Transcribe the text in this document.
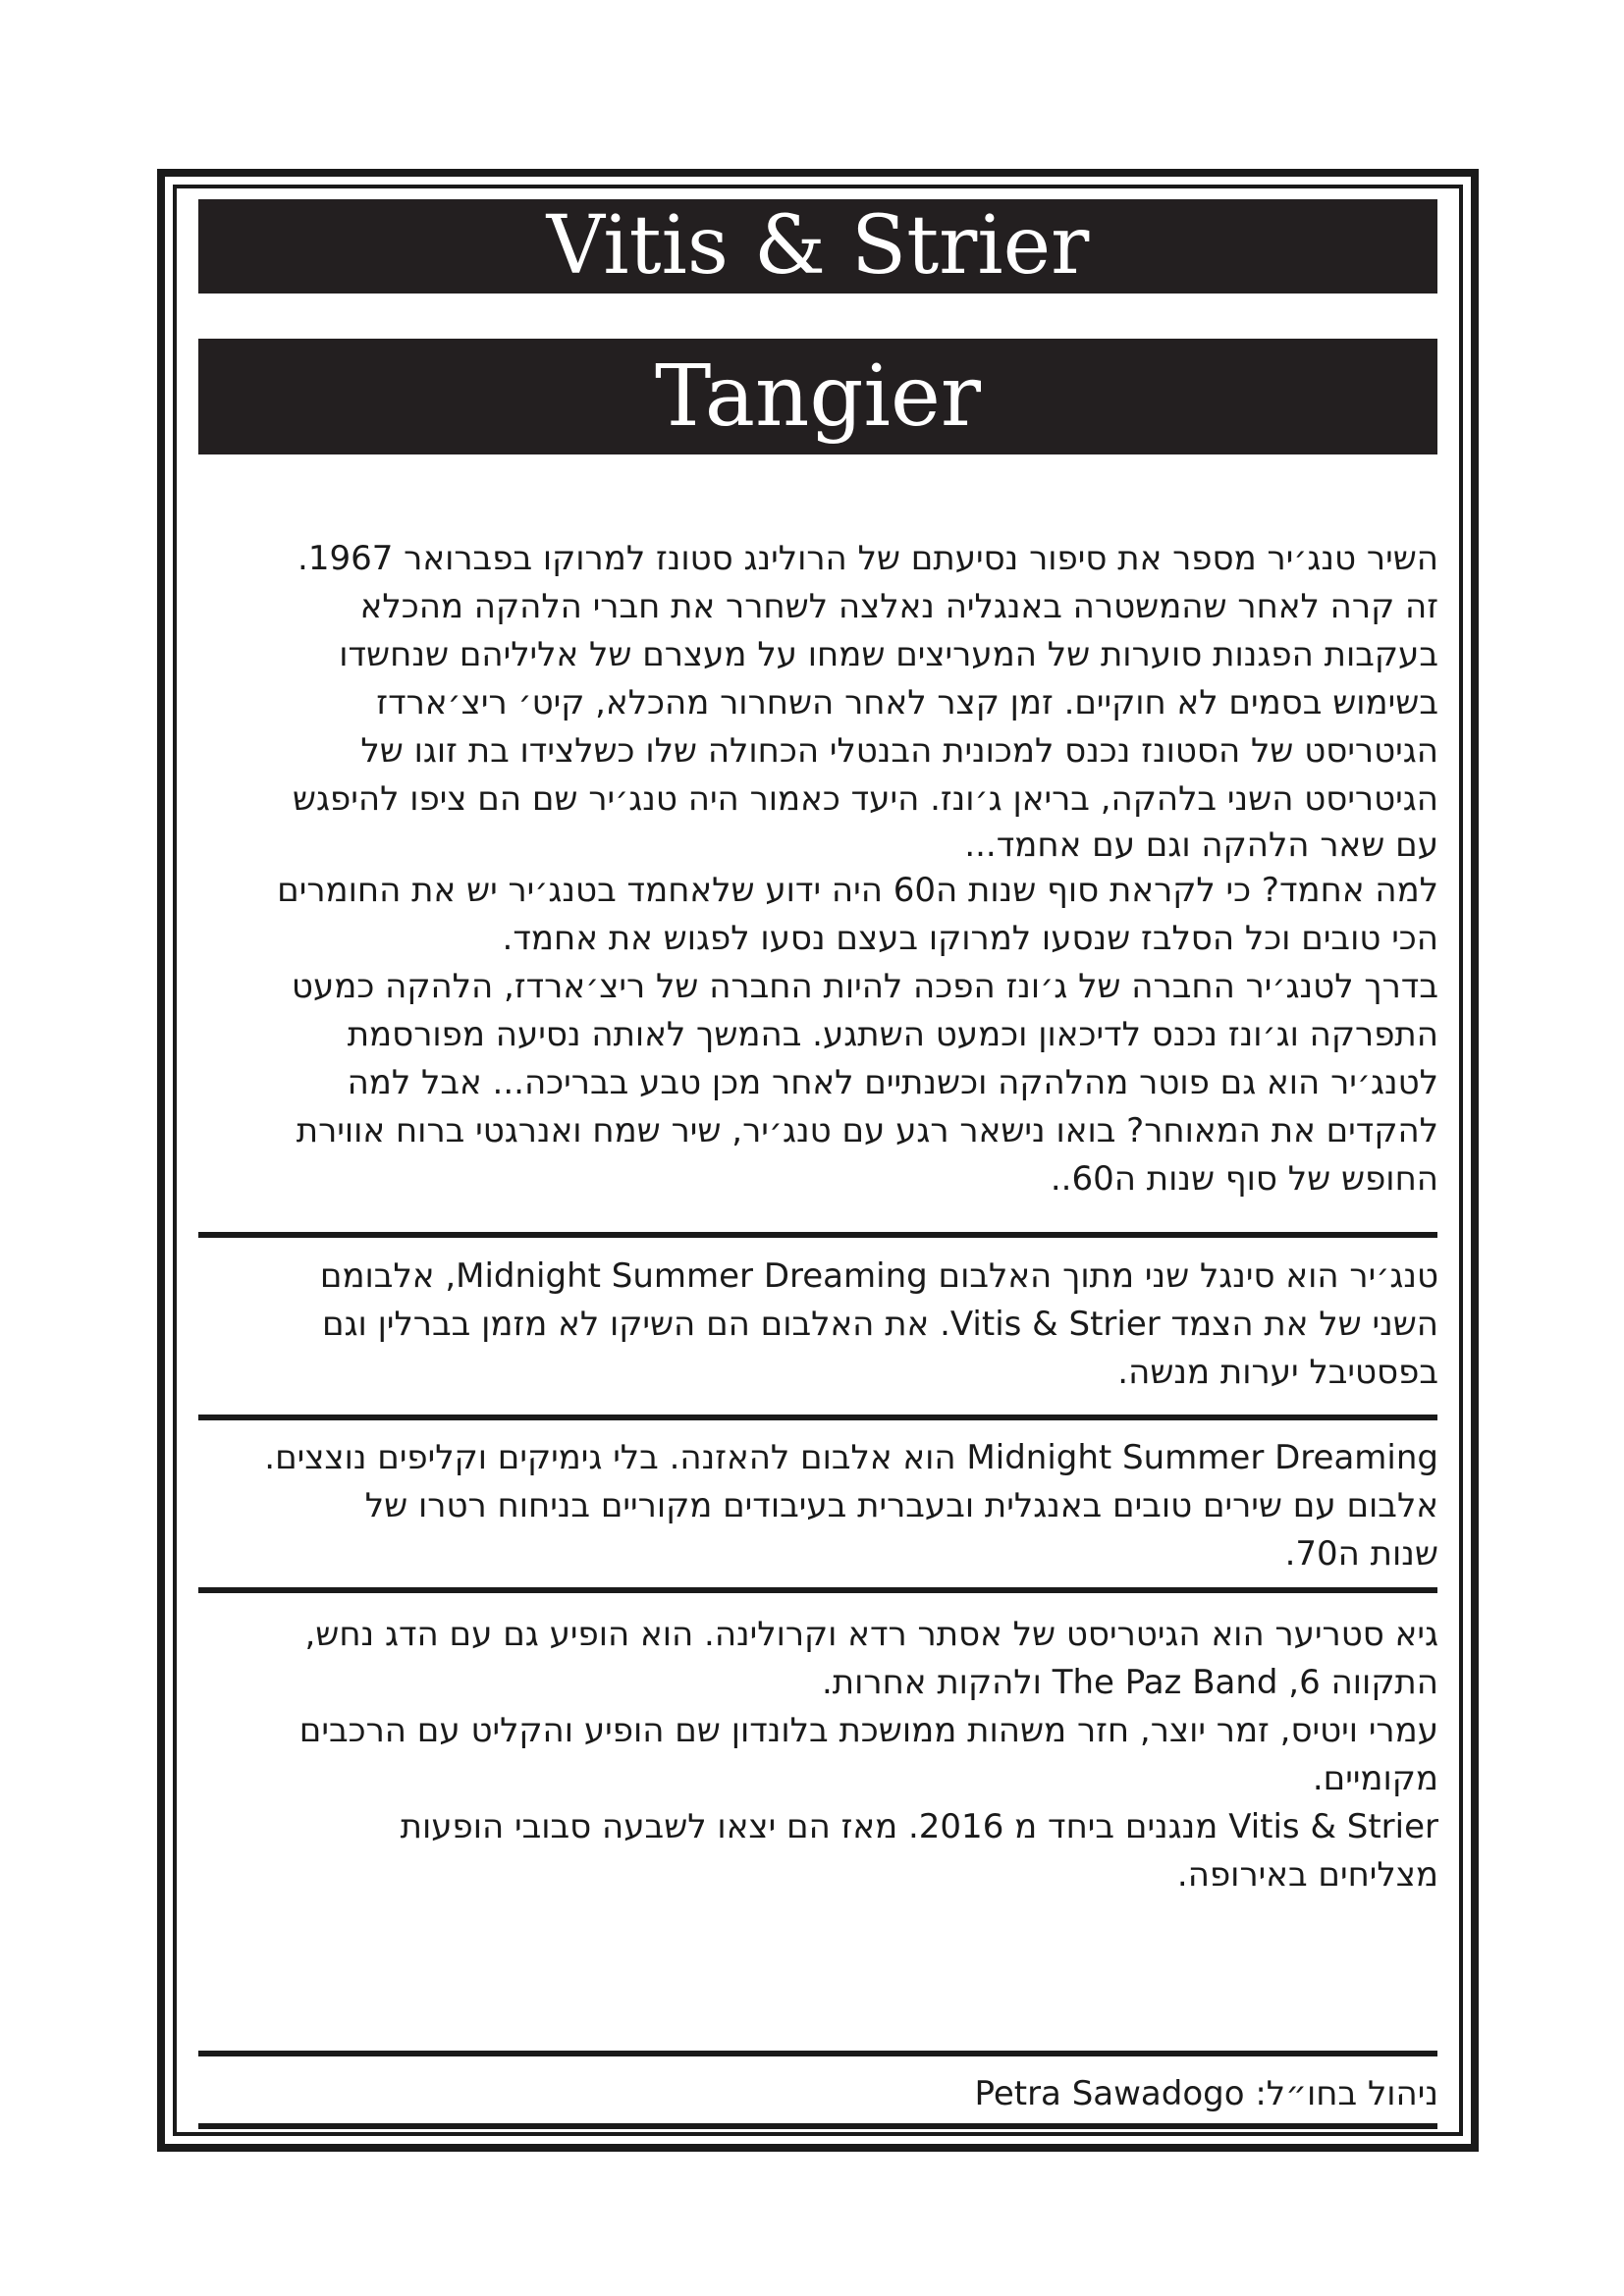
Vitis & Strier
Tangier
השיר טנג׳יר מספר את סיפור נסיעתם של הרולינג סטונז למרוקו בפברואר 1967.
זה קרה לאחר שהמשטרה באנגליה נאלצה לשחרר את חברי הלהקה מהכלא
בעקבות הפגנות סוערות של המעריצים שמחו על מעצרם של אליליהם שנחשדו
בשימוש בסמים לא חוקיים. זמן קצר לאחר השחרור מהכלא, קיט׳ ריצ׳ארדז
הגיטריסט של הסטונז נכנס למכונית הבנטלי הכחולה שלו כשלצידו בת זוגו של
הגיטריסט השני בלהקה, בריאן ג׳ונז. היעד כאמור היה טנג׳יר שם הם ציפו להיפגש
עם שאר הלהקה וגם עם אחמד...
למה אחמד? כי לקראת סוף שנות ה60 היה ידוע שלאחמד בטנג׳יר יש את החומרים
הכי טובים וכל הסלבז שנסעו למרוקו בעצם נסעו לפגוש את אחמד.
בדרך לטנג׳יר החברה של ג׳ונז הפכה להיות החברה של ריצ׳ארדז, הלהקה כמעט
התפרקה וג׳ונז נכנס לדיכאון וכמעט השתגע. בהמשך לאותה נסיעה מפורסמת
לטנג׳יר הוא גם פוטר מהלהקה וכשנתיים לאחר מכן טבע בבריכה... אבל למה
להקדים את המאוחר? בואו נישאר רגע עם טנג׳יר, שיר שמח ואנרגטי ברוח אווירת
החופש של סוף שנות ה60..
טנג׳יר הוא סינגל שני מתוך האלבום Midnight Summer Dreaming, אלבומם
השני של את הצמד Vitis & Strier. את האלבום הם השיקו לא מזמן בברלין וגם
בפסטיבל יערות מנשה.
Midnight Summer Dreaming הוא אלבום להאזנה. בלי גימיקים וקליפים נוצצים.
אלבום עם שירים טובים באנגלית ובעברית בעיבודים מקוריים בניחוח רטרו של
שנות ה70.
גיא סטריער הוא הגיטריסט של אסתר רדא וקרולינה. הוא הופיע גם עם הדג נחש,
התקווה 6, The Paz Band ולהקות אחרות.
עמרי ויטיס, זמר יוצר, חזר משהות ממושכת בלונדון שם הופיע והקליט עם הרכבים
מקומיים.
Vitis & Strier מנגנים ביחד מ 2016. מאז הם יצאו לשבעה סבובי הופעות
מצליחים באירופה.
ניהול בחו״ל: Petra Sawadogo
